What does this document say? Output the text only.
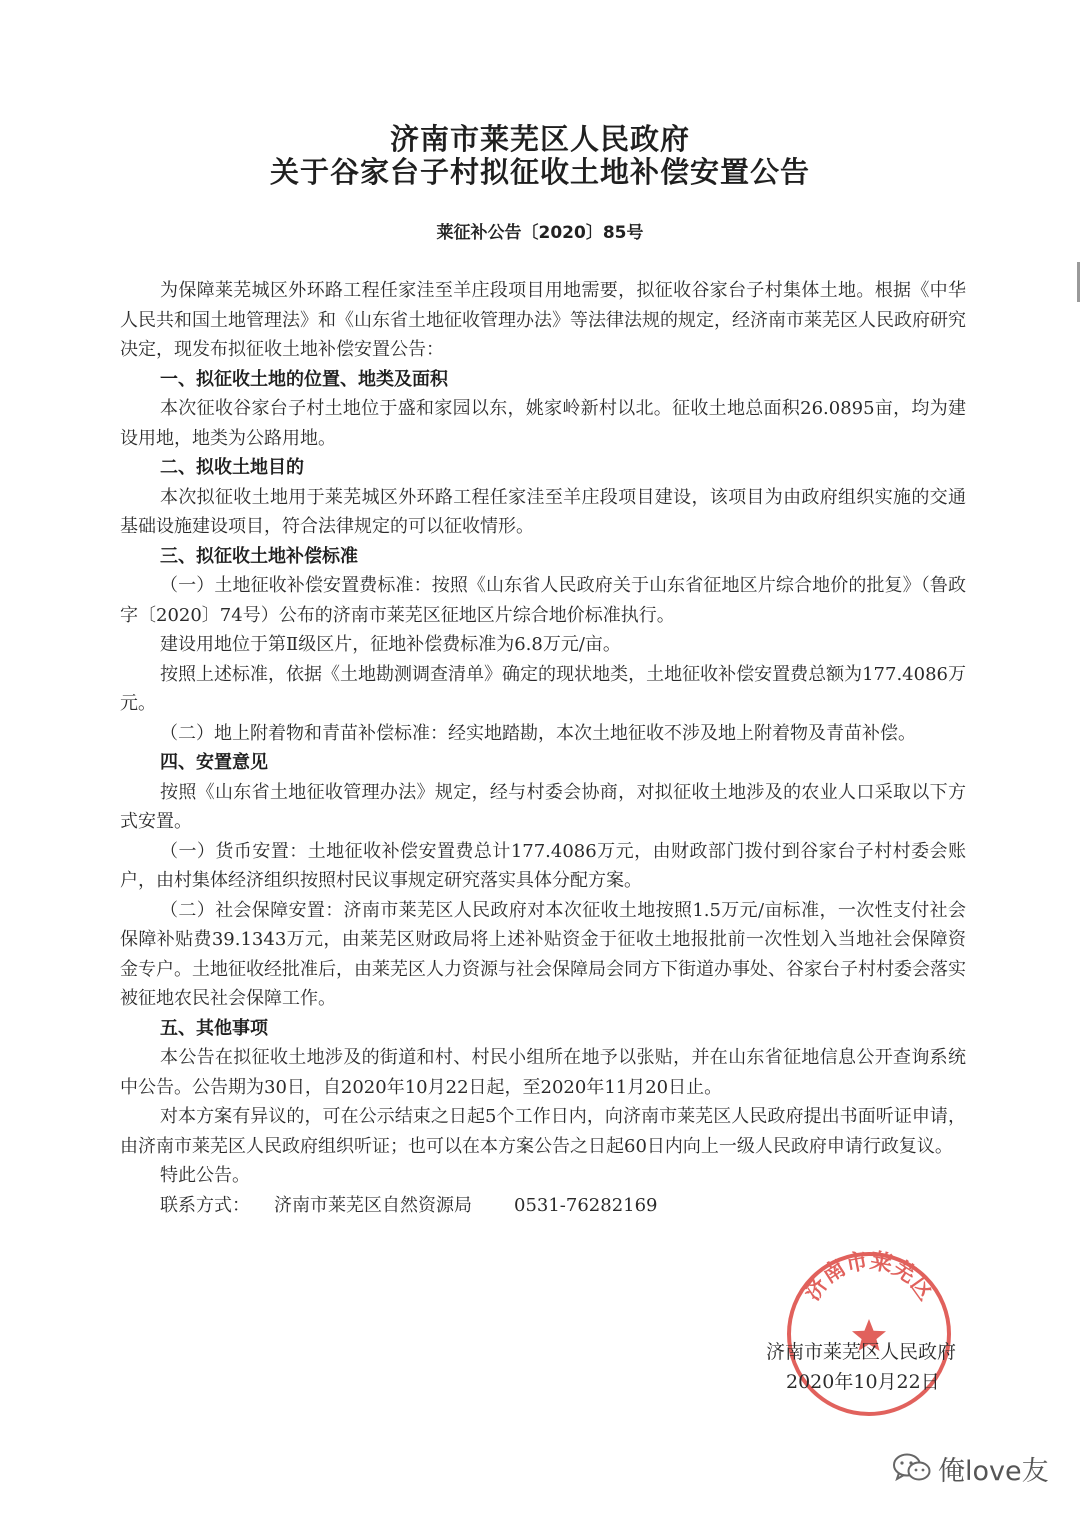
济南市莱芜区人民政府
关于谷家台子村拟征收土地补偿安置公告
莱征补公告〔2020〕85号

为保障莱芜城区外环路工程任家洼至羊庄段项目用地需要，拟征收谷家台子村集体土地。根据《中华人民共和国土地管理法》和《山东省土地征收管理办法》等法律法规的规定，经济南市莱芜区人民政府研究决定，现发布拟征收土地补偿安置公告：

一、拟征收土地的位置、地类及面积

本次征收谷家台子村土地位于盛和家园以东，姚家岭新村以北。征收土地总面积26.0895亩，均为建设用地，地类为公路用地。

二、拟收土地目的

本次拟征收土地用于莱芜城区外环路工程任家洼至羊庄段项目建设，该项目为由政府组织实施的交通基础设施建设项目，符合法律规定的可以征收情形。

三、拟征收土地补偿标准

（一）土地征收补偿安置费标准：按照《山东省人民政府关于山东省征地区片综合地价的批复》（鲁政字〔2020〕74号）公布的济南市莱芜区征地区片综合地价标准执行。

建设用地位于第Ⅱ级区片，征地补偿费标准为6.8万元/亩。

按照上述标准，依据《土地勘测调查清单》确定的现状地类，土地征收补偿安置费总额为177.4086万元。

（二）地上附着物和青苗补偿标准：经实地踏勘，本次土地征收不涉及地上附着物及青苗补偿。

四、安置意见

按照《山东省土地征收管理办法》规定，经与村委会协商，对拟征收土地涉及的农业人口采取以下方式安置。

（一）货币安置：土地征收补偿安置费总计177.4086万元，由财政部门拨付到谷家台子村村委会账户，由村集体经济组织按照村民议事规定研究落实具体分配方案。

（二）社会保障安置：济南市莱芜区人民政府对本次征收土地按照1.5万元/亩标准，一次性支付社会保障补贴费39.1343万元，由莱芜区财政局将上述补贴资金于征收土地报批前一次性划入当地社会保障资金专户。土地征收经批准后，由莱芜区人力资源与社会保障局会同方下街道办事处、谷家台子村村委会落实被征地农民社会保障工作。

五、其他事项

本公告在拟征收土地涉及的街道和村、村民小组所在地予以张贴，并在山东省征地信息公开查询系统中公告。公告期为30日，自2020年10月22日起，至2020年11月20日止。

对本方案有异议的，可在公示结束之日起5个工作日内，向济南市莱芜区人民政府提出书面听证申请，由济南市莱芜区人民政府组织听证；也可以在本方案公告之日起60日内向上一级人民政府申请行政复议。

特此公告。

联系方式： 济南市莱芜区自然资源局 0531-76282169

济南市莱芜区
济南市莱芜区人民政府
2020年10月22日
俺love友
